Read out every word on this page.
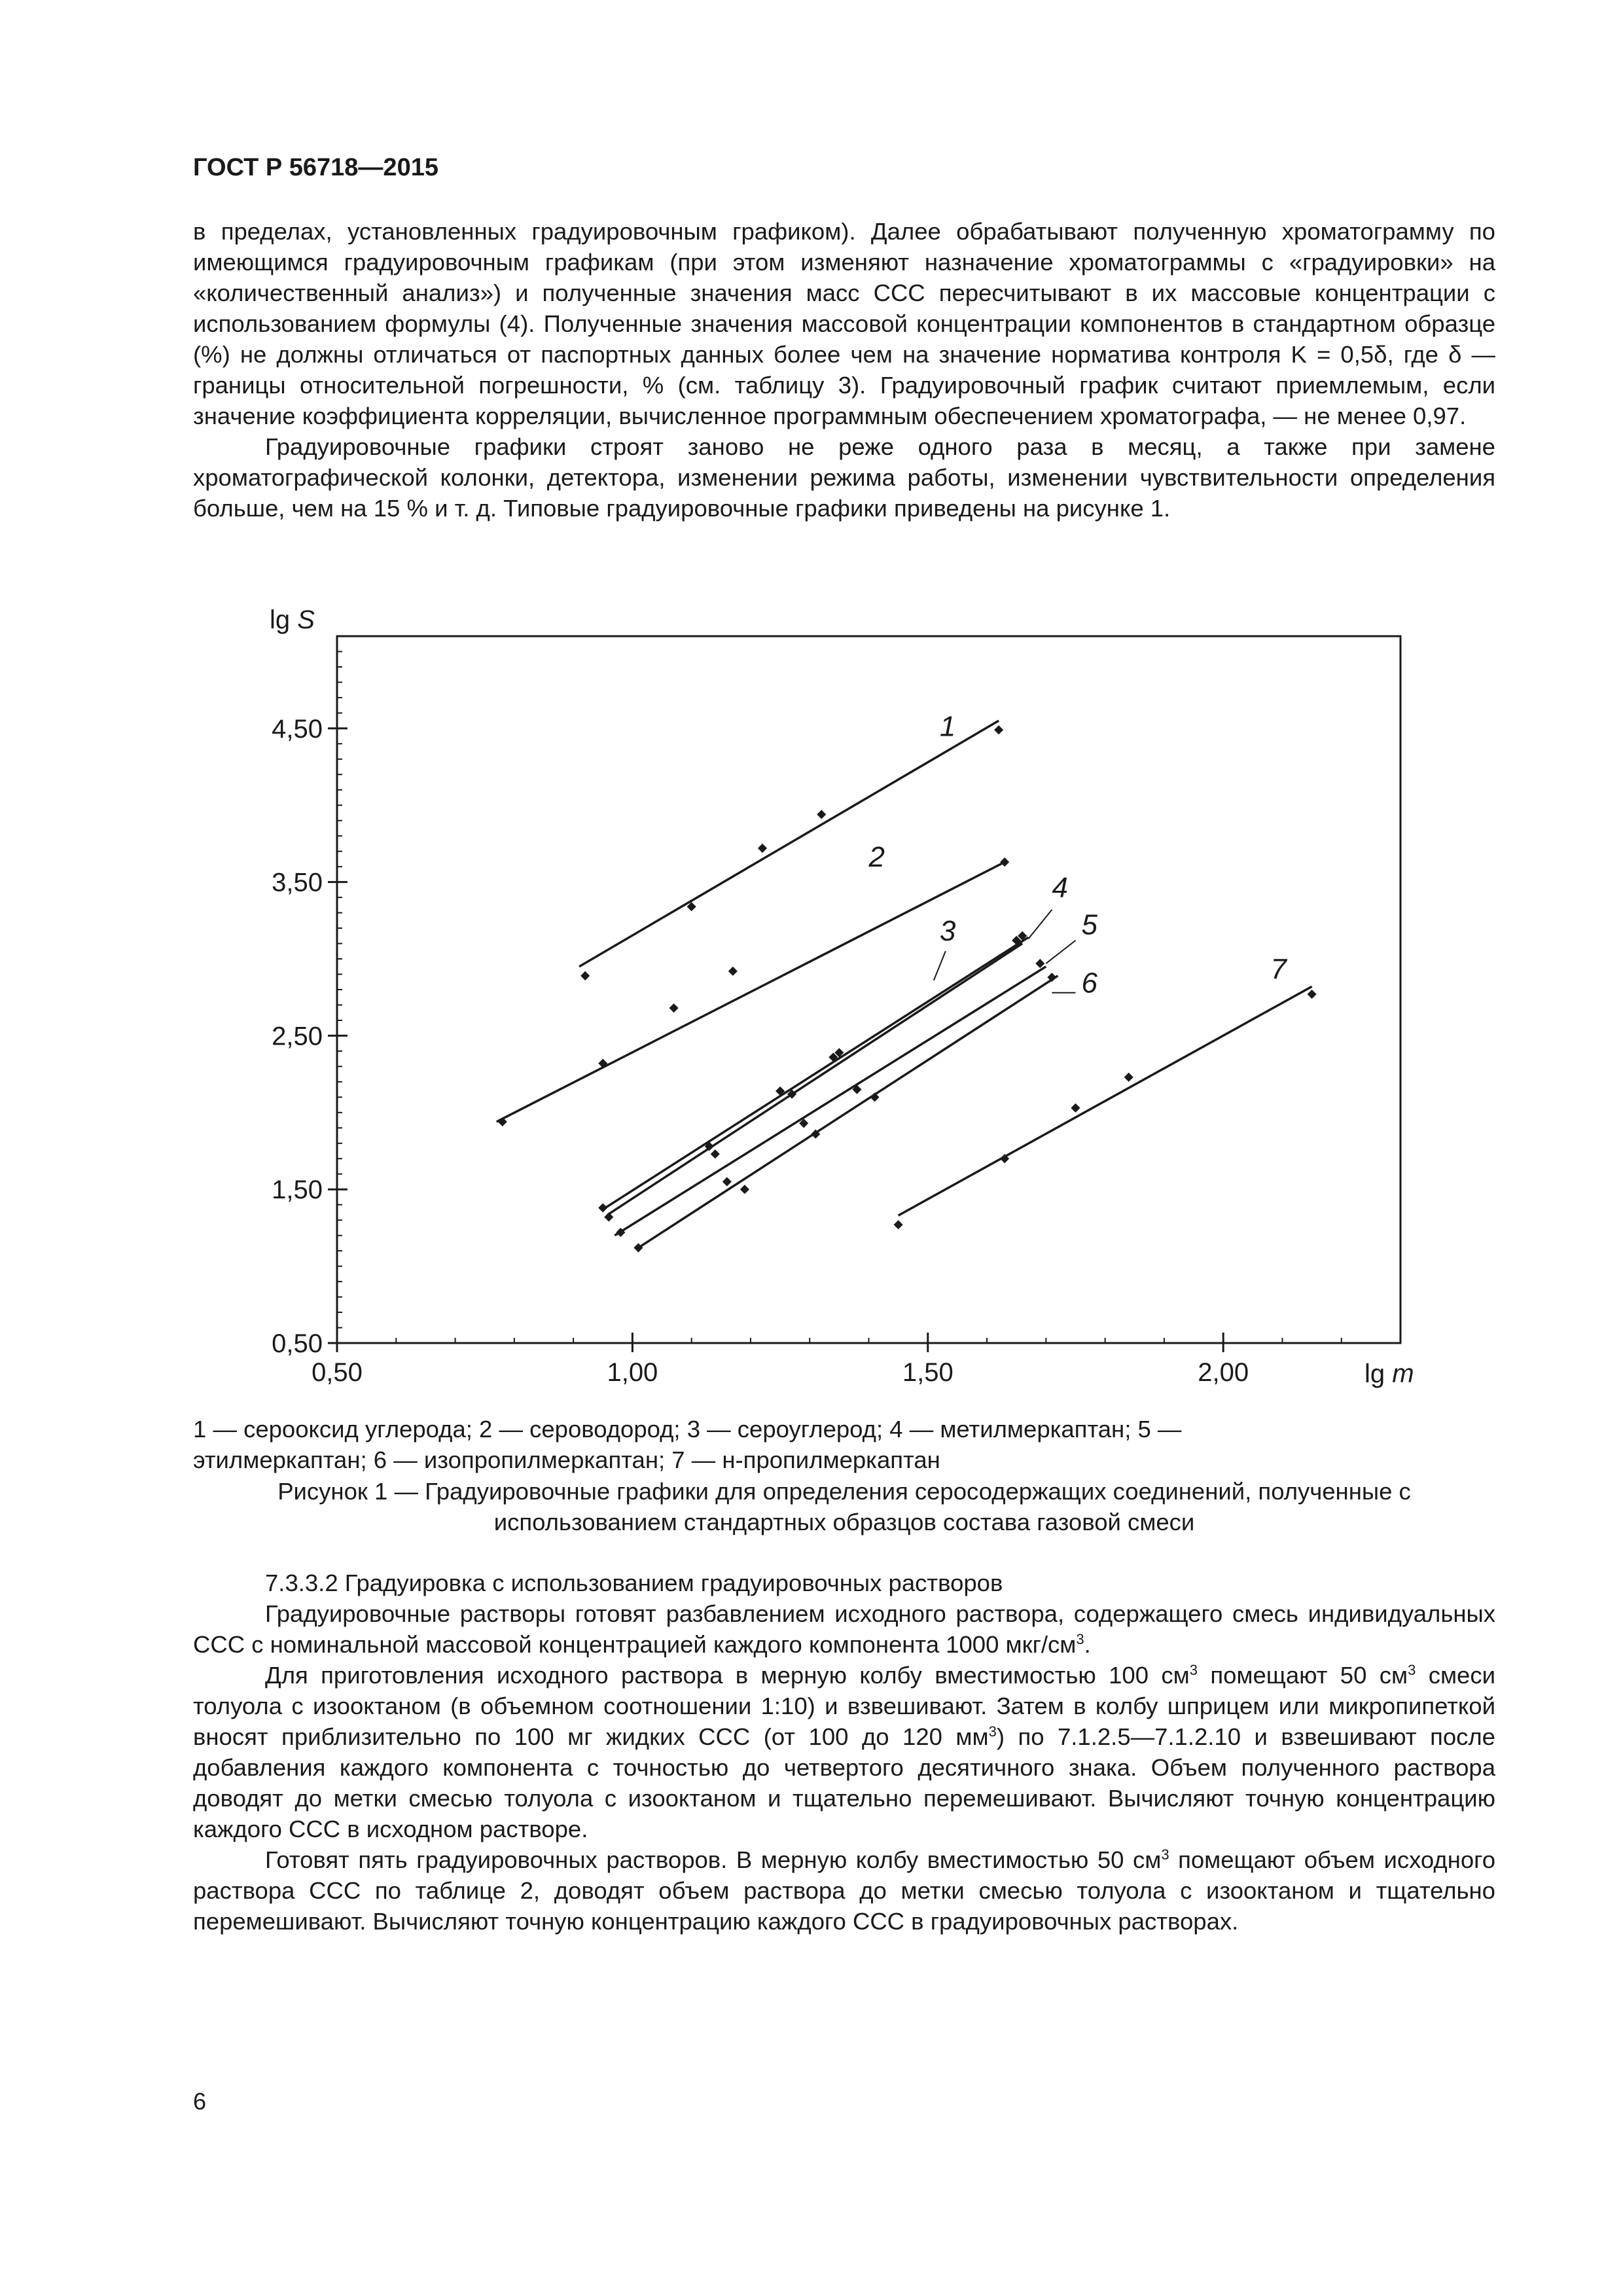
ГОСТ Р 56718—2015

в пределах, установленных градуировочным графиком). Далее обрабатывают полученную хроматограмму по имеющимся градуировочным графикам (при этом изменяют назначение хроматограммы с «градуировки» на «количественный анализ») и полученные значения масс ССС пересчитывают в их массовые концентрации с использованием формулы (4). Полученные значения массовой концентрации компонентов в стандартном образце (%) не должны отличаться от паспортных данных более чем на значение норматива контроля K = 0,5δ, где δ — границы относительной погрешности, % (см. таблицу 3). Градуировочный график считают приемлемым, если значение коэффициента корреляции, вычисленное программным обеспечением хроматографа, — не менее 0,97.

Градуировочные графики строят заново не реже одного раза в месяц, а также при замене хроматографической колонки, детектора, изменении режима работы, изменении чувствительности определения больше, чем на 15 % и т. д. Типовые градуировочные графики приведены на рисунке 1.

0,50
1,50
2,50
3,50
4,50
0,50	1,00	1,50	2,00
1
2
3
4
5
6	7
lg S
lg m
1 — серооксид углерода; 2 — сероводород; 3 — сероуглерод; 4 — метилмеркаптан; 5 —
этилмеркаптан; 6 — изопропилмеркаптан; 7 — н-пропилмеркаптан
Рисунок 1 — Градуировочные графики для определения серосодержащих соединений, полученные с
использованием стандартных образцов состава газовой смеси

7.3.3.2 Градуировка с использованием градуировочных растворов

Градуировочные растворы готовят разбавлением исходного раствора, содержащего смесь индивидуальных ССС с номинальной массовой концентрацией каждого компонента 1000 мкг/$см^3$.

Для приготовления исходного раствора в мерную колбу вместимостью 100 $см^3$ помещают 50 $см^3$ смеси толуола с изооктаном (в объемном соотношении 1:10) и взвешивают. Затем в колбу шприцем или микропипеткой вносят приблизительно по 100 мг жидких ССС (от 100 до 120 $мм^3$) по 7.1.2.5—7.1.2.10 и взвешивают после добавления каждого компонента с точностью до четвертого десятичного знака. Объем полученного раствора доводят до метки смесью толуола с изооктаном и тщательно перемешивают. Вычисляют точную концентрацию каждого ССС в исходном растворе.

Готовят пять градуировочных растворов. В мерную колбу вместимостью 50 $см^3$ помещают объем исходного раствора ССС по таблице 2, доводят объем раствора до метки смесью толуола с изооктаном и тщательно перемешивают. Вычисляют точную концентрацию каждого ССС в градуировочных растворах.

6
